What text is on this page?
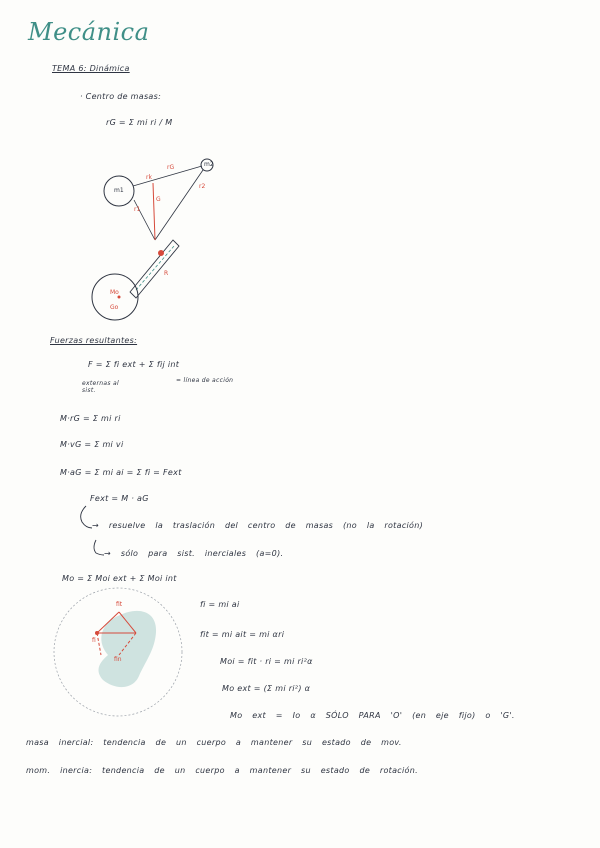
Mecánica
TEMA 6: Dinámica
· Centro de masas:
rG = Σ mi ri / M
rk
rG
m1
m2
G
r1
r2
R
Mo
Go
Fuerzas resultantes:
F = Σ fi ext + Σ fij int
externas al sist.
= línea de acción
M·rG = Σ mi ri
M·vG = Σ mi vi
M·aG = Σ mi ai = Σ fi = Fext
Fext = M · aG
→ resuelve la traslación del centro de masas (no la rotación)
→ sólo para sist. inerciales (a=0).
Mo = Σ Moi ext + Σ Moi int
fit
fi
fin
fi = mi ai
fit = mi ait = mi αri
Moi = fit · ri = mi ri²α
Mo ext = (Σ mi ri²) α
Mo ext = Io α SÓLO PARA 'O' (en eje fijo) o 'G'.
masa inercial: tendencia de un cuerpo a mantener su estado de mov.
mom. inercia: tendencia de un cuerpo a mantener su estado de rotación.
